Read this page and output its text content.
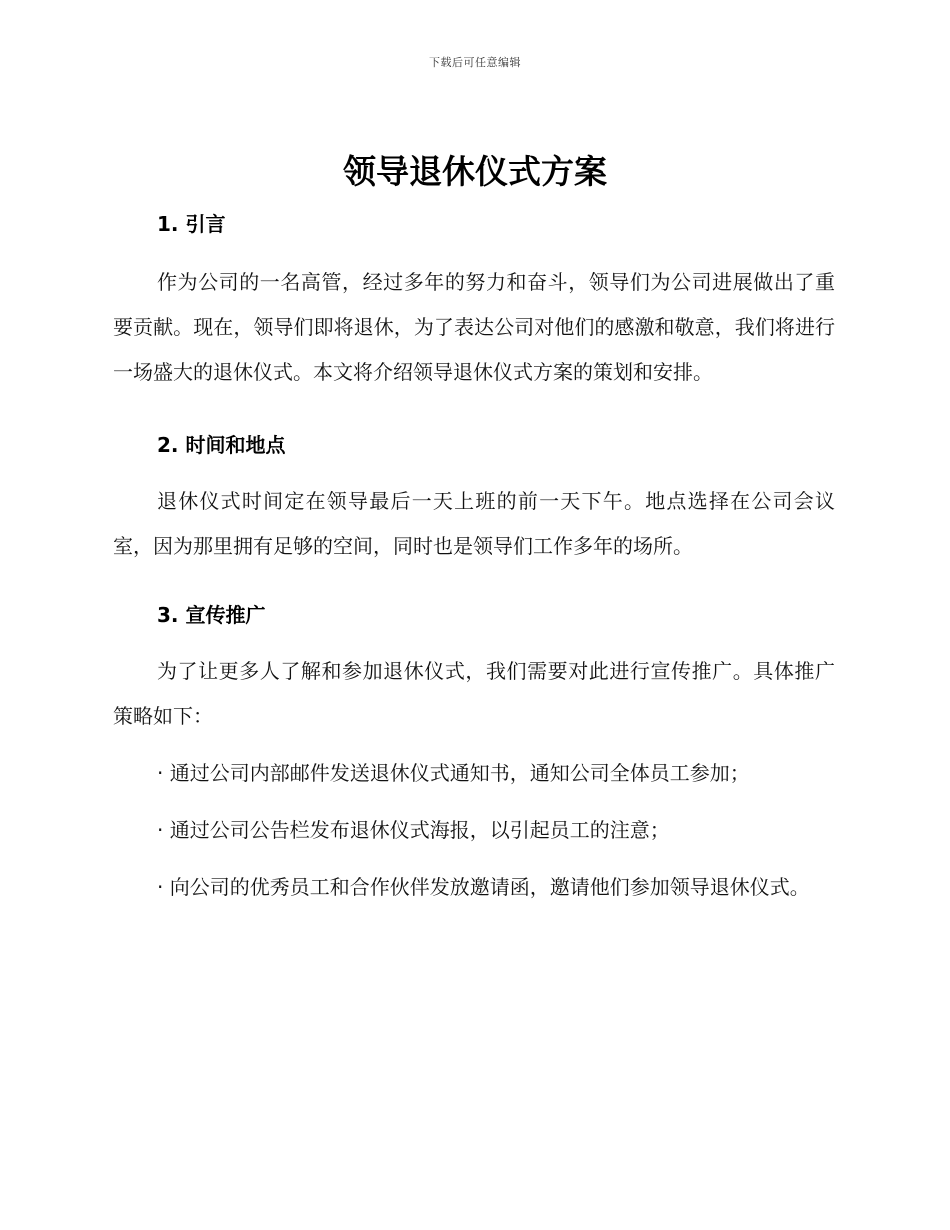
下载后可任意编辑
领导退休仪式方案
1. 引言

作为公司的一名高管，经过多年的努力和奋斗，领导们为公司进展做出了重要贡献。现在，领导们即将退休，为了表达公司对他们的感激和敬意，我们将进行一场盛大的退休仪式。本文将介绍领导退休仪式方案的策划和安排。

2. 时间和地点

退休仪式时间定在领导最后一天上班的前一天下午。地点选择在公司会议室，因为那里拥有足够的空间，同时也是领导们工作多年的场所。

3. 宣传推广

为了让更多人了解和参加退休仪式，我们需要对此进行宣传推广。具体推广策略如下：

· 通过公司内部邮件发送退休仪式通知书，通知公司全体员工参加；

· 通过公司公告栏发布退休仪式海报，以引起员工的注意；

· 向公司的优秀员工和合作伙伴发放邀请函，邀请他们参加领导退休仪式。
